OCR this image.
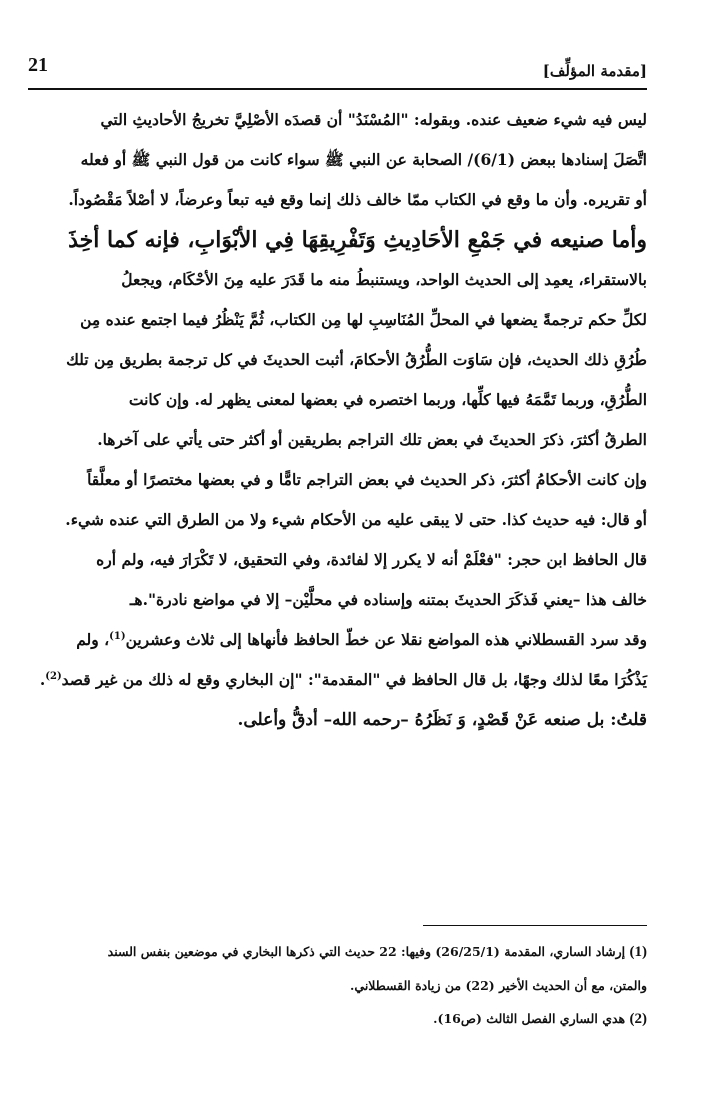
21	[مقدمة المؤلِّف]
ليس فيه شيء ضعيف عنده. وبقوله: "المُسْنَدُ" أن قصدَه الأصْلِيَّ تخريجُ الأحاديثِ التي
اتَّصَلَ إسنادها ببعض (6/1)/ الصحابة عن النبي ﷺ سواء كانت من قول النبي ﷺ أو فعله
أو تقريره. وأن ما وقع في الكتاب ممّا خالف ذلك إنما وقع فيه تبعاً وعرضاً، لا أصْلاً مَقْصُوداً.
وأما صنيعه في جَمْعِ الأحَادِيثِ وَتَفْرِيقِهَا فِي الأبْوَابِ، فإنه كما أخِذَ
بالاستقراء، يعمِد إلى الحديث الواحد، ويستنبطُ منه ما قَدَرَ عليه مِنَ الأحْكَام، ويجعلُ
لكلِّ حكم ترجمةً يضعها في المحلِّ المُنَاسِبِ لها مِن الكتاب، ثُمَّ يَنْظُرُ فيما اجتمع عنده مِن
طُرُقِ ذلك الحديث، فإن سَاوَت الطُّرُقُ الأحكامَ، أثبت الحديثَ في كل ترجمة بطريق مِن تلك
الطُّرُقِ، وربما تَمَّمَهُ فيها كلِّها، وربما اختصره في بعضها لمعنى يظهر له. وإن كانت
الطرقُ أكثرَ، ذكرَ الحديثَ في بعض تلك التراجم بطريقين أو أكثر حتى يأتي على آخرها.
وإن كانت الأحكامُ أكثرَ، ذكر الحديث في بعض التراجم تامًّا و في بعضها مختصرًا أو معلَّقاً
أو قال: فيه حديث كذا. حتى لا يبقى عليه من الأحكام شيء ولا من الطرق التي عنده شيء.
قال الحافظ ابن حجر: "فعْلَمْ أنه لا يكرر إلا لفائدة، وفي التحقيق، لا تَكْرَارَ فيه، ولم أره
خالف هذا –يعني فَذكَرَ الحديثَ بمتنه وإسناده في محلَّيْن– إلا في مواضع نادرة".هـ
وقد سرد القسطلاني هذه المواضع نقلا عن خطّ الحافظ فأنهاها إلى ثلاث وعشرين$^{(1)}$، ولم
يَذْكُرَا معًا لذلك وجهًا، بل قال الحافظ في "المقدمة": "إن البخاري وقع له ذلك من غير قصد$^{(2)}$.
قلتُ: بل صنعه عَنْ قَصْدٍ، وَ نَظَرُهُ –رحمه الله– أدقُّ وأعلى.
(1) إرشاد الساري، المقدمة (26/25/1) وفيها: 22 حديث التي ذكرها البخاري في موضعين بنفس السند
والمتن، مع أن الحديث الأخير (22) من زيادة القسطلاني.
(2) هدي الساري الفصل الثالث (ص16).
